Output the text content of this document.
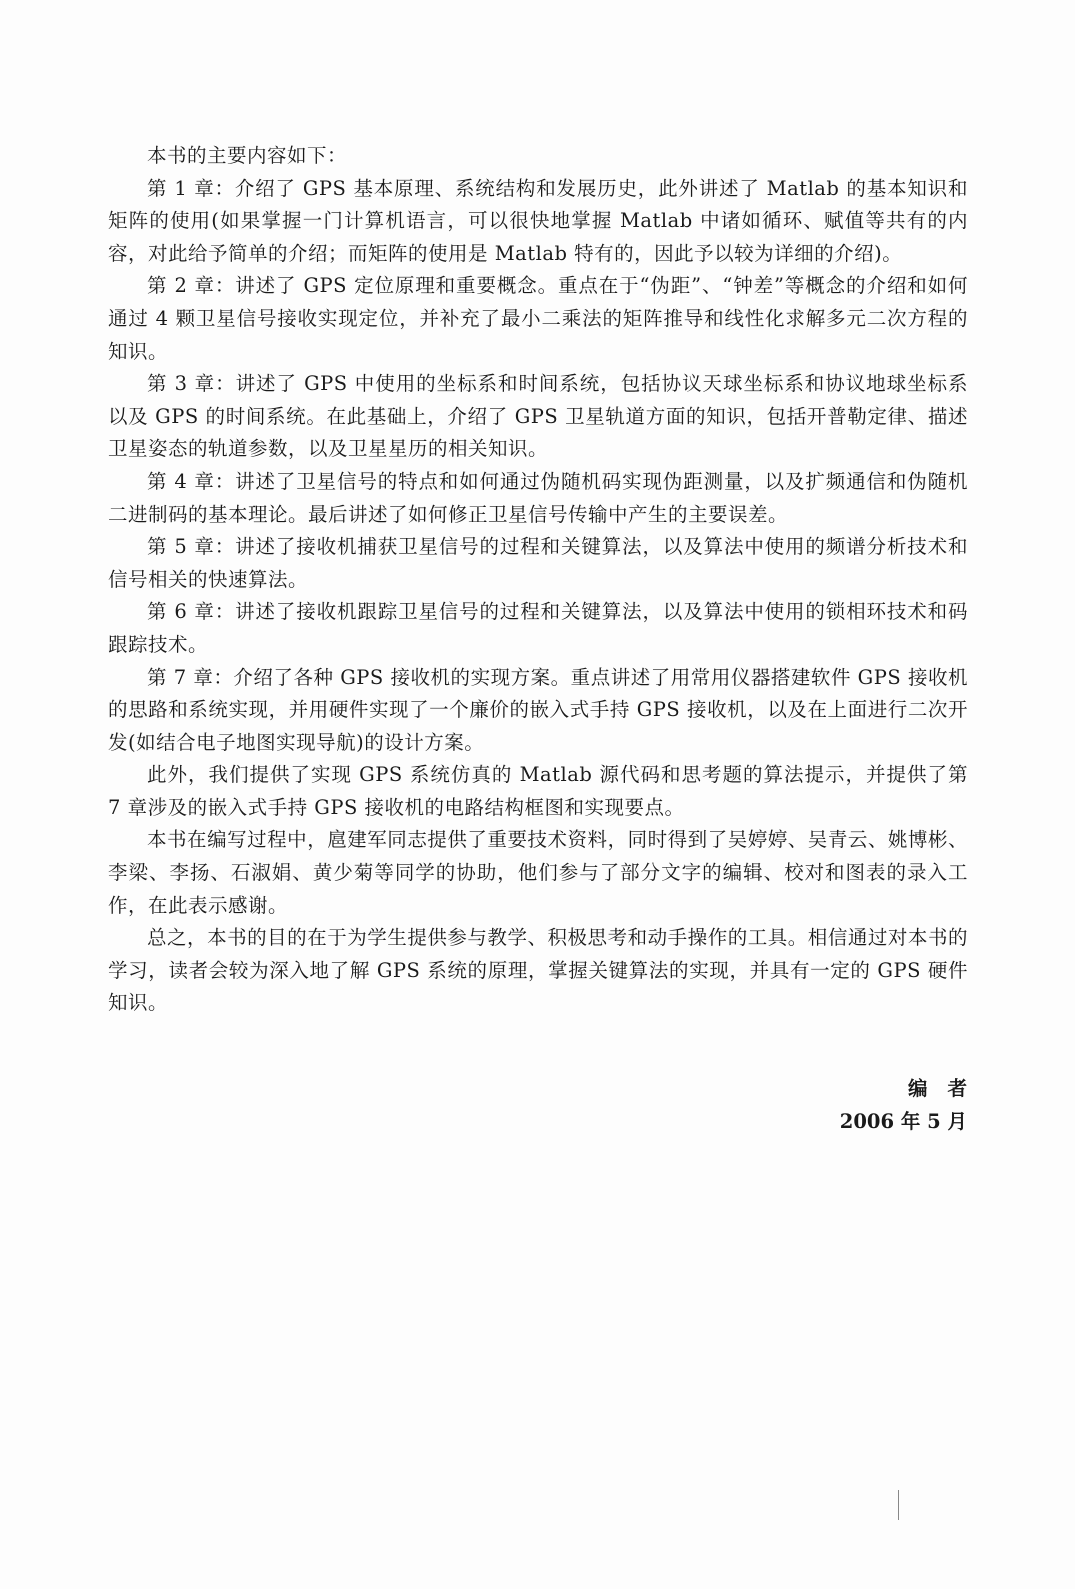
本书的主要内容如下：

第 1 章：介绍了 GPS 基本原理、系统结构和发展历史，此外讲述了 Matlab 的基本知识和矩阵的使用(如果掌握一门计算机语言，可以很快地掌握 Matlab 中诸如循环、赋值等共有的内容，对此给予简单的介绍；而矩阵的使用是 Matlab 特有的，因此予以较为详细的介绍)。

第 2 章：讲述了 GPS 定位原理和重要概念。重点在于“伪距”、“钟差”等概念的介绍和如何通过 4 颗卫星信号接收实现定位，并补充了最小二乘法的矩阵推导和线性化求解多元二次方程的知识。

第 3 章：讲述了 GPS 中使用的坐标系和时间系统，包括协议天球坐标系和协议地球坐标系以及 GPS 的时间系统。在此基础上，介绍了 GPS 卫星轨道方面的知识，包括开普勒定律、描述卫星姿态的轨道参数，以及卫星星历的相关知识。

第 4 章：讲述了卫星信号的特点和如何通过伪随机码实现伪距测量，以及扩频通信和伪随机二进制码的基本理论。最后讲述了如何修正卫星信号传输中产生的主要误差。

第 5 章：讲述了接收机捕获卫星信号的过程和关键算法，以及算法中使用的频谱分析技术和信号相关的快速算法。

第 6 章：讲述了接收机跟踪卫星信号的过程和关键算法，以及算法中使用的锁相环技术和码跟踪技术。

第 7 章：介绍了各种 GPS 接收机的实现方案。重点讲述了用常用仪器搭建软件 GPS 接收机的思路和系统实现，并用硬件实现了一个廉价的嵌入式手持 GPS 接收机，以及在上面进行二次开发(如结合电子地图实现导航)的设计方案。

此外，我们提供了实现 GPS 系统仿真的 Matlab 源代码和思考题的算法提示，并提供了第 7 章涉及的嵌入式手持 GPS 接收机的电路结构框图和实现要点。

本书在编写过程中，扈建军同志提供了重要技术资料，同时得到了吴婷婷、吴青云、姚博彬、李梁、李扬、石淑娟、黄少菊等同学的协助，他们参与了部分文字的编辑、校对和图表的录入工作，在此表示感谢。

总之，本书的目的在于为学生提供参与教学、积极思考和动手操作的工具。相信通过对本书的学习，读者会较为深入地了解 GPS 系统的原理，掌握关键算法的实现，并具有一定的 GPS 硬件知识。

编者
2006 年 5 月
